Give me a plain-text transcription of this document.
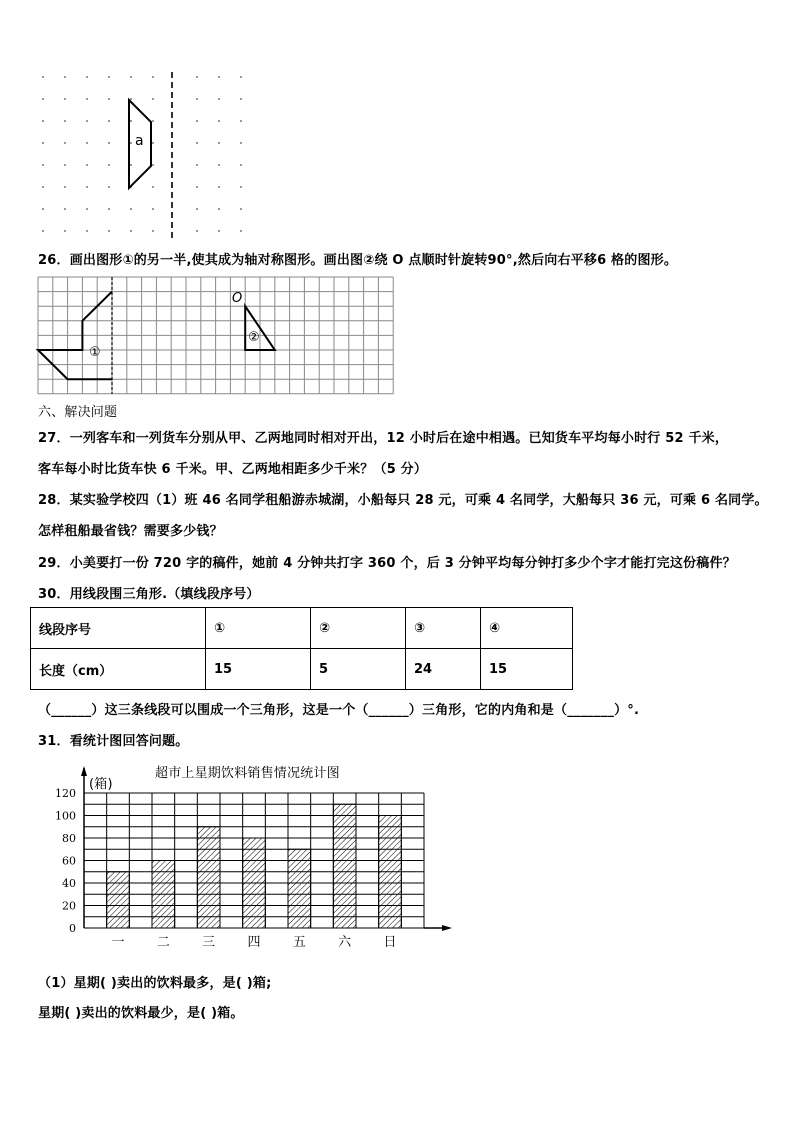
a
26．画出图形①的另一半,使其成为轴对称图形。画出图②绕 O 点顺时针旋转90°,然后向右平移6 格的图形。
O
①
②
六、解决问题
27．一列客车和一列货车分别从甲、乙两地同时相对开出，12 小时后在途中相遇。已知货车平均每小时行 52 千米，
客车每小时比货车快 6 千米。甲、乙两地相距多少千米？（5 分）
28．某实验学校四（1）班 46 名同学租船游赤城湖，小船每只 28 元，可乘 4 名同学，大船每只 36 元，可乘 6 名同学。
怎样租船最省钱？需要多少钱？
29．小美要打一份 720 字的稿件，她前 4 分钟共打字 360 个，后 3 分钟平均每分钟打多少个字才能打完这份稿件？
30．用线段围三角形.（填线段序号）
线段序号	①	②	③	④
长度（cm）	15	5	24	15
（______）这三条线段可以围成一个三角形，这是一个（______）三角形，它的内角和是（_______）°.
31．看统计图回答问题。
超市上星期饮料销售情况统计图
(箱)
0
20
40
60
80
100
120
一 二 三 四 五 六 日
（1）星期( )卖出的饮料最多，是( )箱;
星期( )卖出的饮料最少，是( )箱。
